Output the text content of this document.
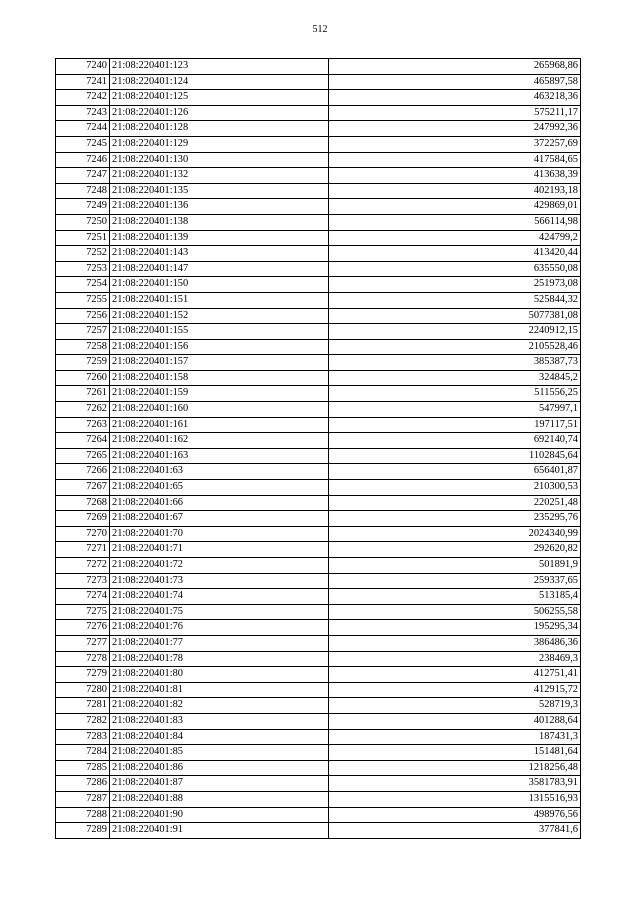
512
7240	21:08:220401:123	265968,86
7241	21:08:220401:124	465897,58
7242	21:08:220401:125	463218,36
7243	21:08:220401:126	575211,17
7244	21:08:220401:128	247992,36
7245	21:08:220401:129	372257,69
7246	21:08:220401:130	417584,65
7247	21:08:220401:132	413638,39
7248	21:08:220401:135	402193,18
7249	21:08:220401:136	429869,01
7250	21:08:220401:138	566114,98
7251	21:08:220401:139	424799,2
7252	21:08:220401:143	413420,44
7253	21:08:220401:147	635550,08
7254	21:08:220401:150	251973,08
7255	21:08:220401:151	525844,32
7256	21:08:220401:152	5077381,08
7257	21:08:220401:155	2240912,15
7258	21:08:220401:156	2105528,46
7259	21:08:220401:157	385387,73
7260	21:08:220401:158	324845,2
7261	21:08:220401:159	511556,25
7262	21:08:220401:160	547997,1
7263	21:08:220401:161	197117,51
7264	21:08:220401:162	692140,74
7265	21:08:220401:163	1102845,64
7266	21:08:220401:63	656401,87
7267	21:08:220401:65	210300,53
7268	21:08:220401:66	220251,48
7269	21:08:220401:67	235295,76
7270	21:08:220401:70	2024340,99
7271	21:08:220401:71	292620,82
7272	21:08:220401:72	501891,9
7273	21:08:220401:73	259337,65
7274	21:08:220401:74	513185,4
7275	21:08:220401:75	506255,58
7276	21:08:220401:76	195295,34
7277	21:08:220401:77	386486,36
7278	21:08:220401:78	238469,3
7279	21:08:220401:80	412751,41
7280	21:08:220401:81	412915,72
7281	21:08:220401:82	528719,3
7282	21:08:220401:83	401288,64
7283	21:08:220401:84	187431,3
7284	21:08:220401:85	151481,64
7285	21:08:220401:86	1218256,48
7286	21:08:220401:87	3581783,91
7287	21:08:220401:88	1315516,93
7288	21:08:220401:90	498976,56
7289	21:08:220401:91	377841,6
